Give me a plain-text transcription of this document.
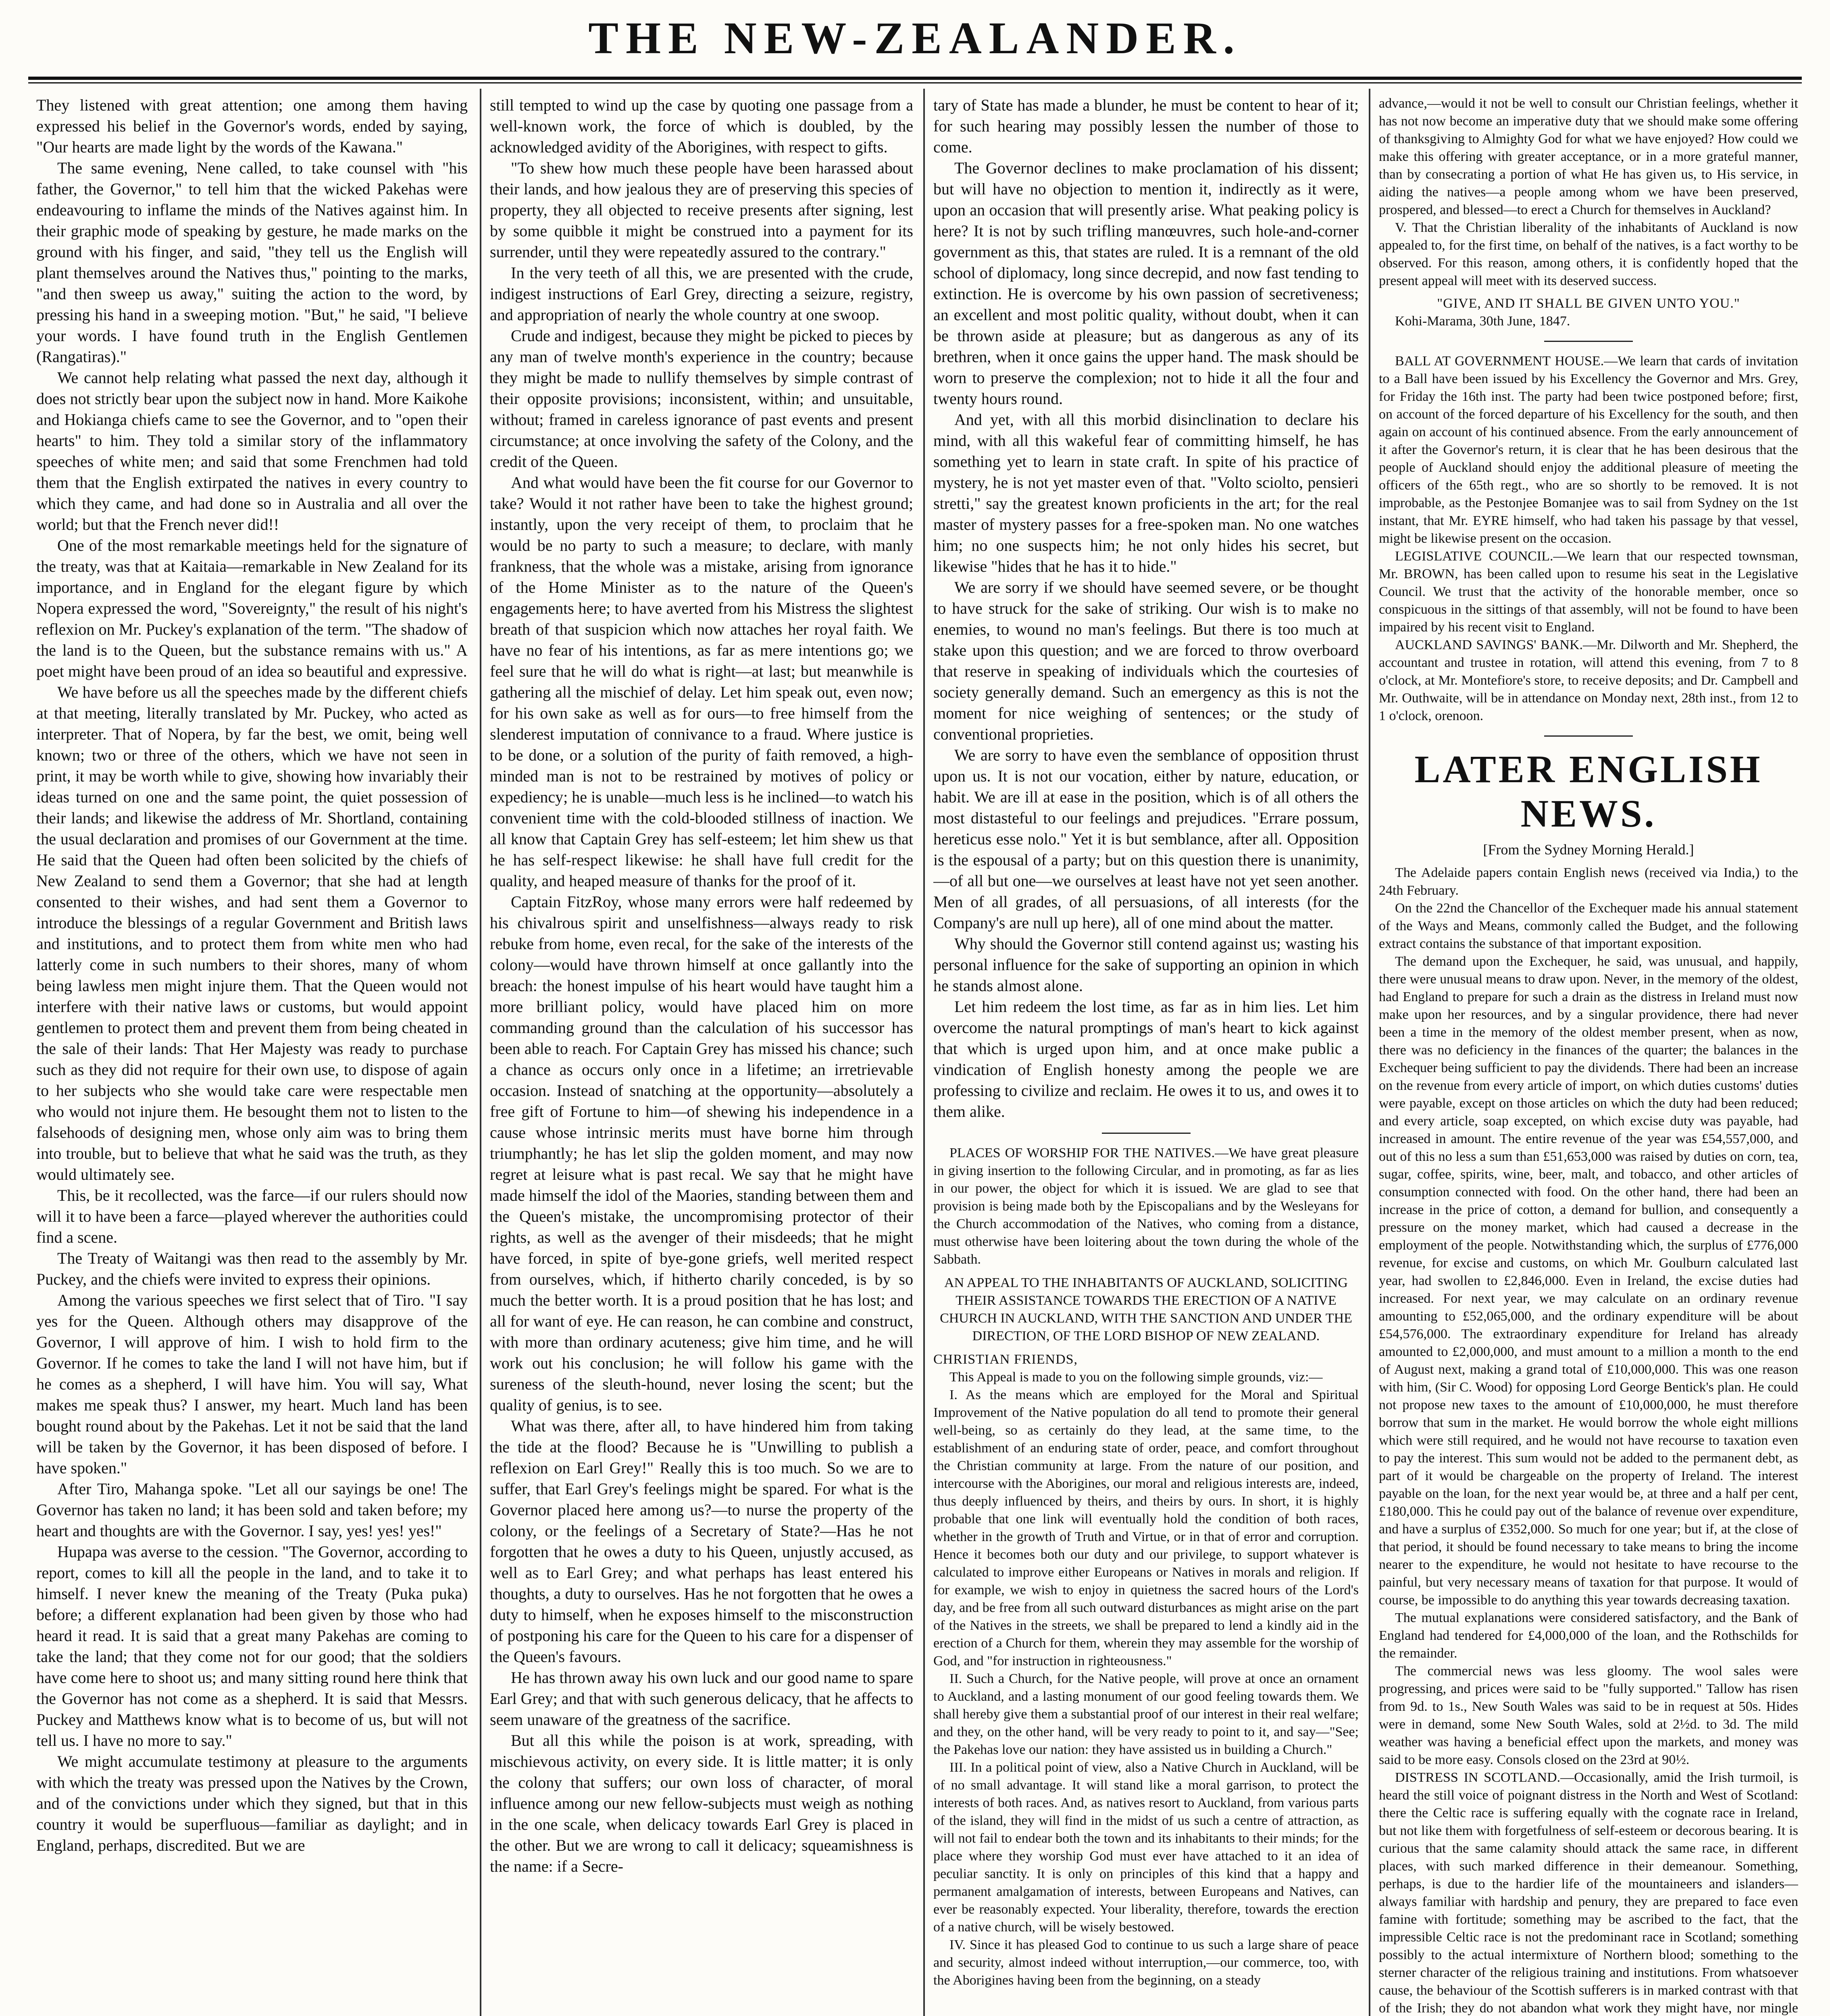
THE NEW-ZEALANDER.

They listened with great attention; one among them having expressed his belief in the Governor's words, ended by saying, "Our hearts are made light by the words of the Kawana."

The same evening, Nene called, to take counsel with "his father, the Governor," to tell him that the wicked Pakehas were endeavouring to inflame the minds of the Natives against him. In their graphic mode of speaking by gesture, he made marks on the ground with his finger, and said, "they tell us the English will plant themselves around the Natives thus," pointing to the marks, "and then sweep us away," suiting the action to the word, by pressing his hand in a sweeping motion. "But," he said, "I believe your words. I have found truth in the English Gentlemen (Rangatiras)."

We cannot help relating what passed the next day, although it does not strictly bear upon the subject now in hand. More Kaikohe and Hokianga chiefs came to see the Governor, and to "open their hearts" to him. They told a similar story of the inflammatory speeches of white men; and said that some Frenchmen had told them that the English extirpated the natives in every country to which they came, and had done so in Australia and all over the world; but that the French never did!!

One of the most remarkable meetings held for the signature of the treaty, was that at Kaitaia—remarkable in New Zealand for its importance, and in England for the elegant figure by which Nopera expressed the word, "Sovereignty," the result of his night's reflexion on Mr. Puckey's explanation of the term. "The shadow of the land is to the Queen, but the substance remains with us." A poet might have been proud of an idea so beautiful and expressive.

We have before us all the speeches made by the different chiefs at that meeting, literally translated by Mr. Puckey, who acted as interpreter. That of Nopera, by far the best, we omit, being well known; two or three of the others, which we have not seen in print, it may be worth while to give, showing how invariably their ideas turned on one and the same point, the quiet possession of their lands; and likewise the address of Mr. Shortland, containing the usual declaration and promises of our Government at the time. He said that the Queen had often been solicited by the chiefs of New Zealand to send them a Governor; that she had at length consented to their wishes, and had sent them a Governor to introduce the blessings of a regular Government and British laws and institutions, and to protect them from white men who had latterly come in such numbers to their shores, many of whom being lawless men might injure them. That the Queen would not interfere with their native laws or customs, but would appoint gentlemen to protect them and prevent them from being cheated in the sale of their lands: That Her Majesty was ready to purchase such as they did not require for their own use, to dispose of again to her subjects who she would take care were respectable men who would not injure them. He besought them not to listen to the falsehoods of designing men, whose only aim was to bring them into trouble, but to believe that what he said was the truth, as they would ultimately see.

This, be it recollected, was the farce—if our rulers should now will it to have been a farce—played wherever the authorities could find a scene.

The Treaty of Waitangi was then read to the assembly by Mr. Puckey, and the chiefs were invited to express their opinions.

Among the various speeches we first select that of Tiro. "I say yes for the Queen. Although others may disapprove of the Governor, I will approve of him. I wish to hold firm to the Governor. If he comes to take the land I will not have him, but if he comes as a shepherd, I will have him. You will say, What makes me speak thus? I answer, my heart. Much land has been bought round about by the Pakehas. Let it not be said that the land will be taken by the Governor, it has been disposed of before. I have spoken."

After Tiro, Mahanga spoke. "Let all our sayings be one! The Governor has taken no land; it has been sold and taken before; my heart and thoughts are with the Governor. I say, yes! yes! yes!"

Hupapa was averse to the cession. "The Governor, according to report, comes to kill all the people in the land, and to take it to himself. I never knew the meaning of the Treaty (Puka puka) before; a different explanation had been given by those who had heard it read. It is said that a great many Pakehas are coming to take the land; that they come not for our good; that the soldiers have come here to shoot us; and many sitting round here think that the Governor has not come as a shepherd. It is said that Messrs. Puckey and Matthews know what is to become of us, but will not tell us. I have no more to say."

We might accumulate testimony at pleasure to the arguments with which the treaty was pressed upon the Natives by the Crown, and of the convictions under which they signed, but that in this country it would be superfluous—familiar as daylight; and in England, perhaps, discredited. But we are

still tempted to wind up the case by quoting one passage from a well-known work, the force of which is doubled, by the acknowledged avidity of the Aborigines, with respect to gifts.

"To shew how much these people have been harassed about their lands, and how jealous they are of preserving this species of property, they all objected to receive presents after signing, lest by some quibble it might be construed into a payment for its surrender, until they were repeatedly assured to the contrary."

In the very teeth of all this, we are presented with the crude, indigest instructions of Earl Grey, directing a seizure, registry, and appropriation of nearly the whole country at one swoop.

Crude and indigest, because they might be picked to pieces by any man of twelve month's experience in the country; because they might be made to nullify themselves by simple contrast of their opposite provisions; inconsistent, within; and unsuitable, without; framed in careless ignorance of past events and present circumstance; at once involving the safety of the Colony, and the credit of the Queen.

And what would have been the fit course for our Governor to take? Would it not rather have been to take the highest ground; instantly, upon the very receipt of them, to proclaim that he would be no party to such a measure; to declare, with manly frankness, that the whole was a mistake, arising from ignorance of the Home Minister as to the nature of the Queen's engagements here; to have averted from his Mistress the slightest breath of that suspicion which now attaches her royal faith. We have no fear of his intentions, as far as mere intentions go; we feel sure that he will do what is right—at last; but meanwhile is gathering all the mischief of delay. Let him speak out, even now; for his own sake as well as for ours—to free himself from the slenderest imputation of connivance to a fraud. Where justice is to be done, or a solution of the purity of faith removed, a high-minded man is not to be restrained by motives of policy or expediency; he is unable—much less is he inclined—to watch his convenient time with the cold-blooded stillness of inaction. We all know that Captain Grey has self-esteem; let him shew us that he has self-respect likewise: he shall have full credit for the quality, and heaped measure of thanks for the proof of it.

Captain FitzRoy, whose many errors were half redeemed by his chivalrous spirit and unselfishness—always ready to risk rebuke from home, even recal, for the sake of the interests of the colony—would have thrown himself at once gallantly into the breach: the honest impulse of his heart would have taught him a more brilliant policy, would have placed him on more commanding ground than the calculation of his successor has been able to reach. For Captain Grey has missed his chance; such a chance as occurs only once in a lifetime; an irretrievable occasion. Instead of snatching at the opportunity—absolutely a free gift of Fortune to him—of shewing his independence in a cause whose intrinsic merits must have borne him through triumphantly; he has let slip the golden moment, and may now regret at leisure what is past recal. We say that he might have made himself the idol of the Maories, standing between them and the Queen's mistake, the uncompromising protector of their rights, as well as the avenger of their misdeeds; that he might have forced, in spite of bye-gone griefs, well merited respect from ourselves, which, if hitherto charily conceded, is by so much the better worth. It is a proud position that he has lost; and all for want of eye. He can reason, he can combine and construct, with more than ordinary acuteness; give him time, and he will work out his conclusion; he will follow his game with the sureness of the sleuth-hound, never losing the scent; but the quality of genius, is to see.

What was there, after all, to have hindered him from taking the tide at the flood? Because he is "Unwilling to publish a reflexion on Earl Grey!" Really this is too much. So we are to suffer, that Earl Grey's feelings might be spared. For what is the Governor placed here among us?—to nurse the property of the colony, or the feelings of a Secretary of State?—Has he not forgotten that he owes a duty to his Queen, unjustly accused, as well as to Earl Grey; and what perhaps has least entered his thoughts, a duty to ourselves. Has he not forgotten that he owes a duty to himself, when he exposes himself to the misconstruction of postponing his care for the Queen to his care for a dispenser of the Queen's favours.

He has thrown away his own luck and our good name to spare Earl Grey; and that with such generous delicacy, that he affects to seem unaware of the greatness of the sacrifice.

But all this while the poison is at work, spreading, with mischievous activity, on every side. It is little matter; it is only the colony that suffers; our own loss of character, of moral influence among our new fellow-subjects must weigh as nothing in the one scale, when delicacy towards Earl Grey is placed in the other. But we are wrong to call it delicacy; squeamishness is the name: if a Secre-

tary of State has made a blunder, he must be content to hear of it; for such hearing may possibly lessen the number of those to come.

The Governor declines to make proclamation of his dissent; but will have no objection to mention it, indirectly as it were, upon an occasion that will presently arise. What peaking policy is here? It is not by such trifling manœuvres, such hole-and-corner government as this, that states are ruled. It is a remnant of the old school of diplomacy, long since decrepid, and now fast tending to extinction. He is overcome by his own passion of secretiveness; an excellent and most politic quality, without doubt, when it can be thrown aside at pleasure; but as dangerous as any of its brethren, when it once gains the upper hand. The mask should be worn to preserve the complexion; not to hide it all the four and twenty hours round.

And yet, with all this morbid disinclination to declare his mind, with all this wakeful fear of committing himself, he has something yet to learn in state craft. In spite of his practice of mystery, he is not yet master even of that. "Volto sciolto, pensieri stretti," say the greatest known proficients in the art; for the real master of mystery passes for a free-spoken man. No one watches him; no one suspects him; he not only hides his secret, but likewise "hides that he has it to hide."

We are sorry if we should have seemed severe, or be thought to have struck for the sake of striking. Our wish is to make no enemies, to wound no man's feelings. But there is too much at stake upon this question; and we are forced to throw overboard that reserve in speaking of individuals which the courtesies of society generally demand. Such an emergency as this is not the moment for nice weighing of sentences; or the study of conventional proprieties.

We are sorry to have even the semblance of opposition thrust upon us. It is not our vocation, either by nature, education, or habit. We are ill at ease in the position, which is of all others the most distasteful to our feelings and prejudices. "Errare possum, hereticus esse nolo." Yet it is but semblance, after all. Opposition is the espousal of a party; but on this question there is unanimity,—of all but one—we ourselves at least have not yet seen another. Men of all grades, of all persuasions, of all interests (for the Company's are null up here), all of one mind about the matter.

Why should the Governor still contend against us; wasting his personal influence for the sake of supporting an opinion in which he stands almost alone.

Let him redeem the lost time, as far as in him lies. Let him overcome the natural promptings of man's heart to kick against that which is urged upon him, and at once make public a vindication of English honesty among the people we are professing to civilize and reclaim. He owes it to us, and owes it to them alike.

PLACES OF WORSHIP FOR THE NATIVES.—We have great pleasure in giving insertion to the following Circular, and in promoting, as far as lies in our power, the object for which it is issued. We are glad to see that provision is being made both by the Episcopalians and by the Wesleyans for the Church accommodation of the Natives, who coming from a distance, must otherwise have been loitering about the town during the whole of the Sabbath.

AN APPEAL TO THE INHABITANTS OF AUCKLAND, SOLICITING THEIR ASSISTANCE TOWARDS THE ERECTION OF A NATIVE CHURCH IN AUCKLAND, WITH THE SANCTION AND UNDER THE DIRECTION, OF THE LORD BISHOP OF NEW ZEALAND.

CHRISTIAN FRIENDS,

This Appeal is made to you on the following simple grounds, viz:—

I. As the means which are employed for the Moral and Spiritual Improvement of the Native population do all tend to promote their general well-being, so as certainly do they lead, at the same time, to the establishment of an enduring state of order, peace, and comfort throughout the Christian community at large. From the nature of our position, and intercourse with the Aborigines, our moral and religious interests are, indeed, thus deeply influenced by theirs, and theirs by ours. In short, it is highly probable that one link will eventually hold the condition of both races, whether in the growth of Truth and Virtue, or in that of error and corruption. Hence it becomes both our duty and our privilege, to support whatever is calculated to improve either Europeans or Natives in morals and religion. If for example, we wish to enjoy in quietness the sacred hours of the Lord's day, and be free from all such outward disturbances as might arise on the part of the Natives in the streets, we shall be prepared to lend a kindly aid in the erection of a Church for them, wherein they may assemble for the worship of God, and "for instruction in righteousness."

II. Such a Church, for the Native people, will prove at once an ornament to Auckland, and a lasting monument of our good feeling towards them. We shall hereby give them a substantial proof of our interest in their real welfare; and they, on the other hand, will be very ready to point to it, and say—"See; the Pakehas love our nation: they have assisted us in building a Church."

III. In a political point of view, also a Native Church in Auckland, will be of no small advantage. It will stand like a moral garrison, to protect the interests of both races. And, as natives resort to Auckland, from various parts of the island, they will find in the midst of us such a centre of attraction, as will not fail to endear both the town and its inhabitants to their minds; for the place where they worship God must ever have attached to it an idea of peculiar sanctity. It is only on principles of this kind that a happy and permanent amalgamation of interests, between Europeans and Natives, can ever be reasonably expected. Your liberality, therefore, towards the erection of a native church, will be wisely bestowed.

IV. Since it has pleased God to continue to us such a large share of peace and security, almost indeed without interruption,—our commerce, too, with the Aborigines having been from the beginning, on a steady

advance,—would it not be well to consult our Christian feelings, whether it has not now become an imperative duty that we should make some offering of thanksgiving to Almighty God for what we have enjoyed? How could we make this offering with greater acceptance, or in a more grateful manner, than by consecrating a portion of what He has given us, to His service, in aiding the natives—a people among whom we have been preserved, prospered, and blessed—to erect a Church for themselves in Auckland?

V. That the Christian liberality of the inhabitants of Auckland is now appealed to, for the first time, on behalf of the natives, is a fact worthy to be observed. For this reason, among others, it is confidently hoped that the present appeal will meet with its deserved success.

"GIVE, AND IT SHALL BE GIVEN UNTO YOU."

Kohi-Marama, 30th June, 1847.

BALL AT GOVERNMENT HOUSE.—We learn that cards of invitation to a Ball have been issued by his Excellency the Governor and Mrs. Grey, for Friday the 16th inst. The party had been twice postponed before; first, on account of the forced departure of his Excellency for the south, and then again on account of his continued absence. From the early announcement of it after the Governor's return, it is clear that he has been desirous that the people of Auckland should enjoy the additional pleasure of meeting the officers of the 65th regt., who are so shortly to be removed. It is not improbable, as the Pestonjee Bomanjee was to sail from Sydney on the 1st instant, that Mr. EYRE himself, who had taken his passage by that vessel, might be likewise present on the occasion.

LEGISLATIVE COUNCIL.—We learn that our respected townsman, Mr. BROWN, has been called upon to resume his seat in the Legislative Council. We trust that the activity of the honorable member, once so conspicuous in the sittings of that assembly, will not be found to have been impaired by his recent visit to England.

AUCKLAND SAVINGS' BANK.—Mr. Dilworth and Mr. Shepherd, the accountant and trustee in rotation, will attend this evening, from 7 to 8 o'clock, at Mr. Montefiore's store, to receive deposits; and Dr. Campbell and Mr. Outhwaite, will be in attendance on Monday next, 28th inst., from 12 to 1 o'clock, orenoon.

LATER ENGLISH NEWS.
[From the Sydney Morning Herald.]

The Adelaide papers contain English news (received via India,) to the 24th February.

On the 22nd the Chancellor of the Exchequer made his annual statement of the Ways and Means, commonly called the Budget, and the following extract contains the substance of that important exposition.

The demand upon the Exchequer, he said, was unusual, and happily, there were unusual means to draw upon. Never, in the memory of the oldest, had England to prepare for such a drain as the distress in Ireland must now make upon her resources, and by a singular providence, there had never been a time in the memory of the oldest member present, when as now, there was no deficiency in the finances of the quarter; the balances in the Exchequer being sufficient to pay the dividends. There had been an increase on the revenue from every article of import, on which duties customs' duties were payable, except on those articles on which the duty had been reduced; and every article, soap excepted, on which excise duty was payable, had increased in amount. The entire revenue of the year was £54,557,000, and out of this no less a sum than £51,653,000 was raised by duties on corn, tea, sugar, coffee, spirits, wine, beer, malt, and tobacco, and other articles of consumption connected with food. On the other hand, there had been an increase in the price of cotton, a demand for bullion, and consequently a pressure on the money market, which had caused a decrease in the employment of the people. Notwithstanding which, the surplus of £776,000 revenue, for excise and customs, on which Mr. Goulburn calculated last year, had swollen to £2,846,000. Even in Ireland, the excise duties had increased. For next year, we may calculate on an ordinary revenue amounting to £52,065,000, and the ordinary expenditure will be about £54,576,000. The extraordinary expenditure for Ireland has already amounted to £2,000,000, and must amount to a million a month to the end of August next, making a grand total of £10,000,000. This was one reason with him, (Sir C. Wood) for opposing Lord George Bentick's plan. He could not propose new taxes to the amount of £10,000,000, he must therefore borrow that sum in the market. He would borrow the whole eight millions which were still required, and he would not have recourse to taxation even to pay the interest. This sum would not be added to the permanent debt, as part of it would be chargeable on the property of Ireland. The interest payable on the loan, for the next year would be, at three and a half per cent, £180,000. This he could pay out of the balance of revenue over expenditure, and have a surplus of £352,000. So much for one year; but if, at the close of that period, it should be found necessary to take means to bring the income nearer to the expenditure, he would not hesitate to have recourse to the painful, but very necessary means of taxation for that purpose. It would of course, be impossible to do anything this year towards decreasing taxation.

The mutual explanations were considered satisfactory, and the Bank of England had tendered for £4,000,000 of the loan, and the Rothschilds for the remainder.

The commercial news was less gloomy. The wool sales were progressing, and prices were said to be "fully supported." Tallow has risen from 9d. to 1s., New South Wales was said to be in request at 50s. Hides were in demand, some New South Wales, sold at 2½d. to 3d. The mild weather was having a beneficial effect upon the markets, and money was said to be more easy. Consols closed on the 23rd at 90½.

DISTRESS IN SCOTLAND.—Occasionally, amid the Irish turmoil, is heard the still voice of poignant distress in the North and West of Scotland: there the Celtic race is suffering equally with the cognate race in Ireland, but not like them with forgetfulness of self-esteem or decorous bearing. It is curious that the same calamity should attack the same race, in different places, with such marked difference in their demeanour. Something, perhaps, is due to the hardier life of the mountaineers and islanders—always familiar with hardship and penury, they are prepared to face even famine with fortitude; something may be ascribed to the fact, that the impressible Celtic race is not the predominant race in Scotland; something possibly to the actual intermixture of Northern blood; something to the sterner character of the religious training and institutions. From whatsoever cause, the behaviour of the Scottish sufferers is in marked contrast with that of the Irish; they do not abandon what work they might have, nor mingle
